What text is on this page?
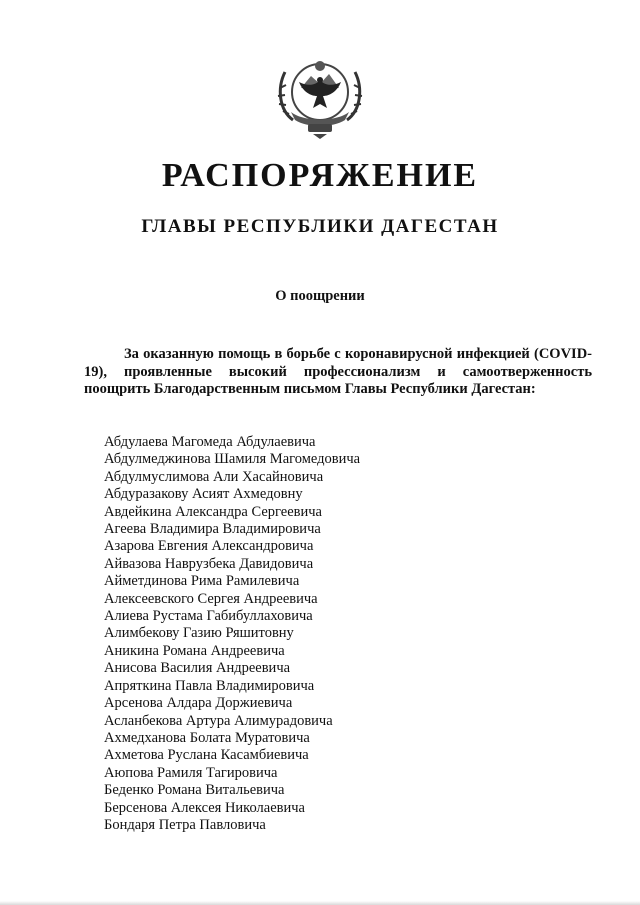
РАСПОРЯЖЕНИЕ
ГЛАВЫ РЕСПУБЛИКИ ДАГЕСТАН
О поощрении
За оказанную помощь в борьбе с коронавирусной инфекцией (COVID-19), проявленные высокий профессионализм и самоотверженность поощрить Благодарственным письмом Главы Республики Дагестан:
Абдулаева Магомеда Абдулаевича
Абдулмеджинова Шамиля Магомедовича
Абдулмуслимова Али Хасайновича
Абдуразакову Асият Ахмедовну
Авдейкина Александра Сергеевича
Агеева Владимира Владимировича
Азарова Евгения Александровича
Айвазова Наврузбека Давидовича
Айметдинова Рима Рамилевича
Алексеевского Сергея Андреевича
Алиева Рустама Габибуллаховича
Алимбекову Газию Ряшитовну
Аникина Романа Андреевича
Анисова Василия Андреевича
Апряткина Павла Владимировича
Арсенова Алдара Доржиевича
Асланбекова Артура Алимурадовича
Ахмедханова Болата Муратовича
Ахметова Руслана Касамбиевича
Аюпова Рамиля Тагировича
Беденко Романа Витальевича
Берсенова Алексея Николаевича
Бондаря Петра Павловича
